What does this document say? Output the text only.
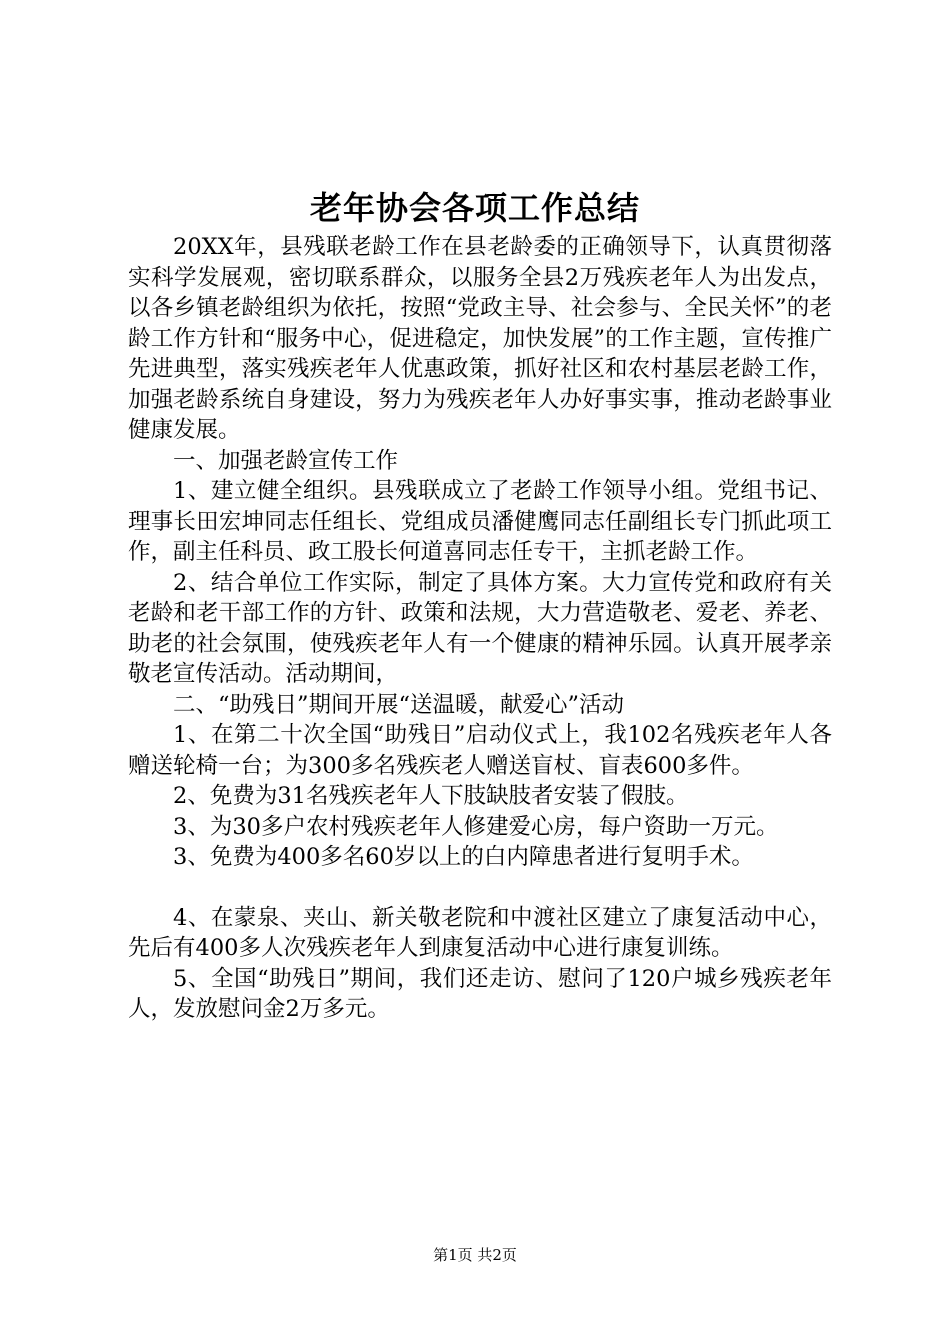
老年协会各项工作总结

20XX年，县残联老龄工作在县老龄委的正确领导下，认真贯彻落实科学发展观，密切联系群众，以服务全县2万残疾老年人为出发点，以各乡镇老龄组织为依托，按照“党政主导、社会参与、全民关怀”的老龄工作方针和“服务中心，促进稳定，加快发展”的工作主题，宣传推广先进典型，落实残疾老年人优惠政策，抓好社区和农村基层老龄工作，加强老龄系统自身建设，努力为残疾老年人办好事实事，推动老龄事业健康发展。

一、加强老龄宣传工作

1、建立健全组织。县残联成立了老龄工作领导小组。党组书记、理事长田宏坤同志任组长、党组成员潘健鹰同志任副组长专门抓此项工作，副主任科员、政工股长何道喜同志任专干，主抓老龄工作。

2、结合单位工作实际，制定了具体方案。大力宣传党和政府有关老龄和老干部工作的方针、政策和法规，大力营造敬老、爱老、养老、助老的社会氛围，使残疾老年人有一个健康的精神乐园。认真开展孝亲敬老宣传活动。活动期间，

二、“助残日”期间开展“送温暖，献爱心”活动

1、在第二十次全国“助残日”启动仪式上，我102名残疾老年人各赠送轮椅一台；为300多名残疾老人赠送盲杖、盲表600多件。

2、免费为31名残疾老年人下肢缺肢者安装了假肢。

3、为30多户农村残疾老年人修建爱心房，每户资助一万元。

3、免费为400多名60岁以上的白内障患者进行复明手术。

4、在蒙泉、夹山、新关敬老院和中渡社区建立了康复活动中心，先后有400多人次残疾老年人到康复活动中心进行康复训练。

5、全国“助残日”期间，我们还走访、慰问了120户城乡残疾老年人，发放慰问金2万多元。

第1页 共2页
